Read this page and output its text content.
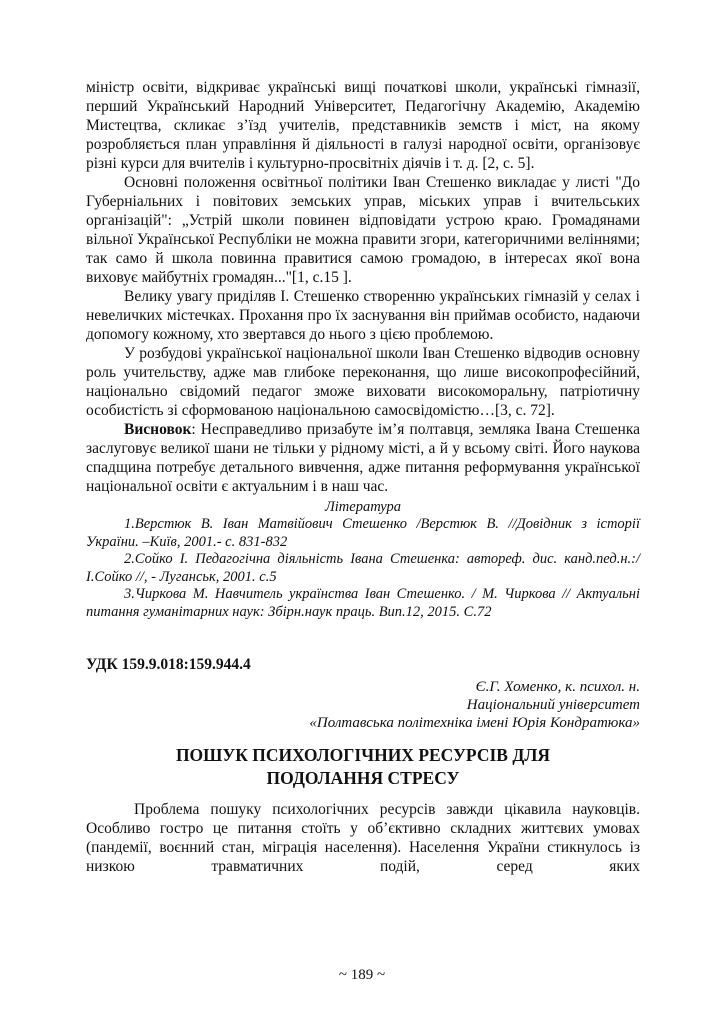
міністр освіти, відкриває українські вищі початкові школи, українські гімназії, перший Український Народний Університет, Педагогічну Академію, Академію Мистецтва, скликає з’їзд учителів, представників земств і міст, на якому розробляється план управління й діяльності в галузі народної освіти, організовує різні курси для вчителів і культурно-просвітніх діячів і т. д. [2, с. 5].

Основні положення освітньої політики Іван Стешенко викладає у листі "До Губерніальних і повітових земських управ, міських управ і вчительських організацій": „Устрій школи повинен відповідати устрою краю. Громадянами вільної Української Республіки не можна правити згори, категоричними веліннями; так само й школа повинна правитися самою громадою, в інтересах якої вона виховує майбутніх громадян..."[1, с.15 ].

Велику увагу приділяв І. Стешенко створенню українських гімназій у селах і невеличких містечках. Прохання про їх заснування він приймав особисто, надаючи допомогу кожному, хто звертався до нього з цією проблемою.

У розбудові української національної школи Іван Стешенко відводив основну роль учительству, адже мав глибоке переконання, що лише високопрофесійний, національно свідомий педагог зможе виховати високоморальну, патріотичну особистість зі сформованою національною самосвідомістю…[3, с. 72].

Висновок: Несправедливо призабуте ім’я полтавця, земляка Івана Стешенка заслуговує великої шани не тільки у рідному місті, а й у всьому світі. Його наукова спадщина потребує детального вивчення, адже питання реформування української національної освіти є актуальним і в наш час.

Література

1.Верстюк В. Іван Матвійович Стешенко /Верстюк В. //Довідник з історії України. –Київ, 2001.- с. 831-832

2.Сойко І. Педагогічна діяльність Івана Стешенка: автореф. дис. канд.пед.н.:/ І.Сойко //, - Луганськ, 2001. с.5

3.Чиркова М. Навчитель українства Іван Стешенко. / М. Чиркова // Актуальні питання гуманітарних наук: Збірн.наук праць. Вип.12, 2015. С.72

УДК 159.9.018:159.944.4

Є.Г. Хоменко, к. психол. н.

Національний університет

«Полтавська політехніка імені Юрія Кондратюка»

ПОШУК ПСИХОЛОГІЧНИХ РЕСУРСІВ ДЛЯ ПОДОЛАННЯ СТРЕСУ

Проблема пошуку психологічних ресурсів завжди цікавила науковців. Особливо гостро це питання стоїть у об’єктивно складних життєвих умовах (пандемії, воєнний стан, міграція населення). Населення України стикнулось із низкою травматичних подій, серед яких

~ 189 ~
